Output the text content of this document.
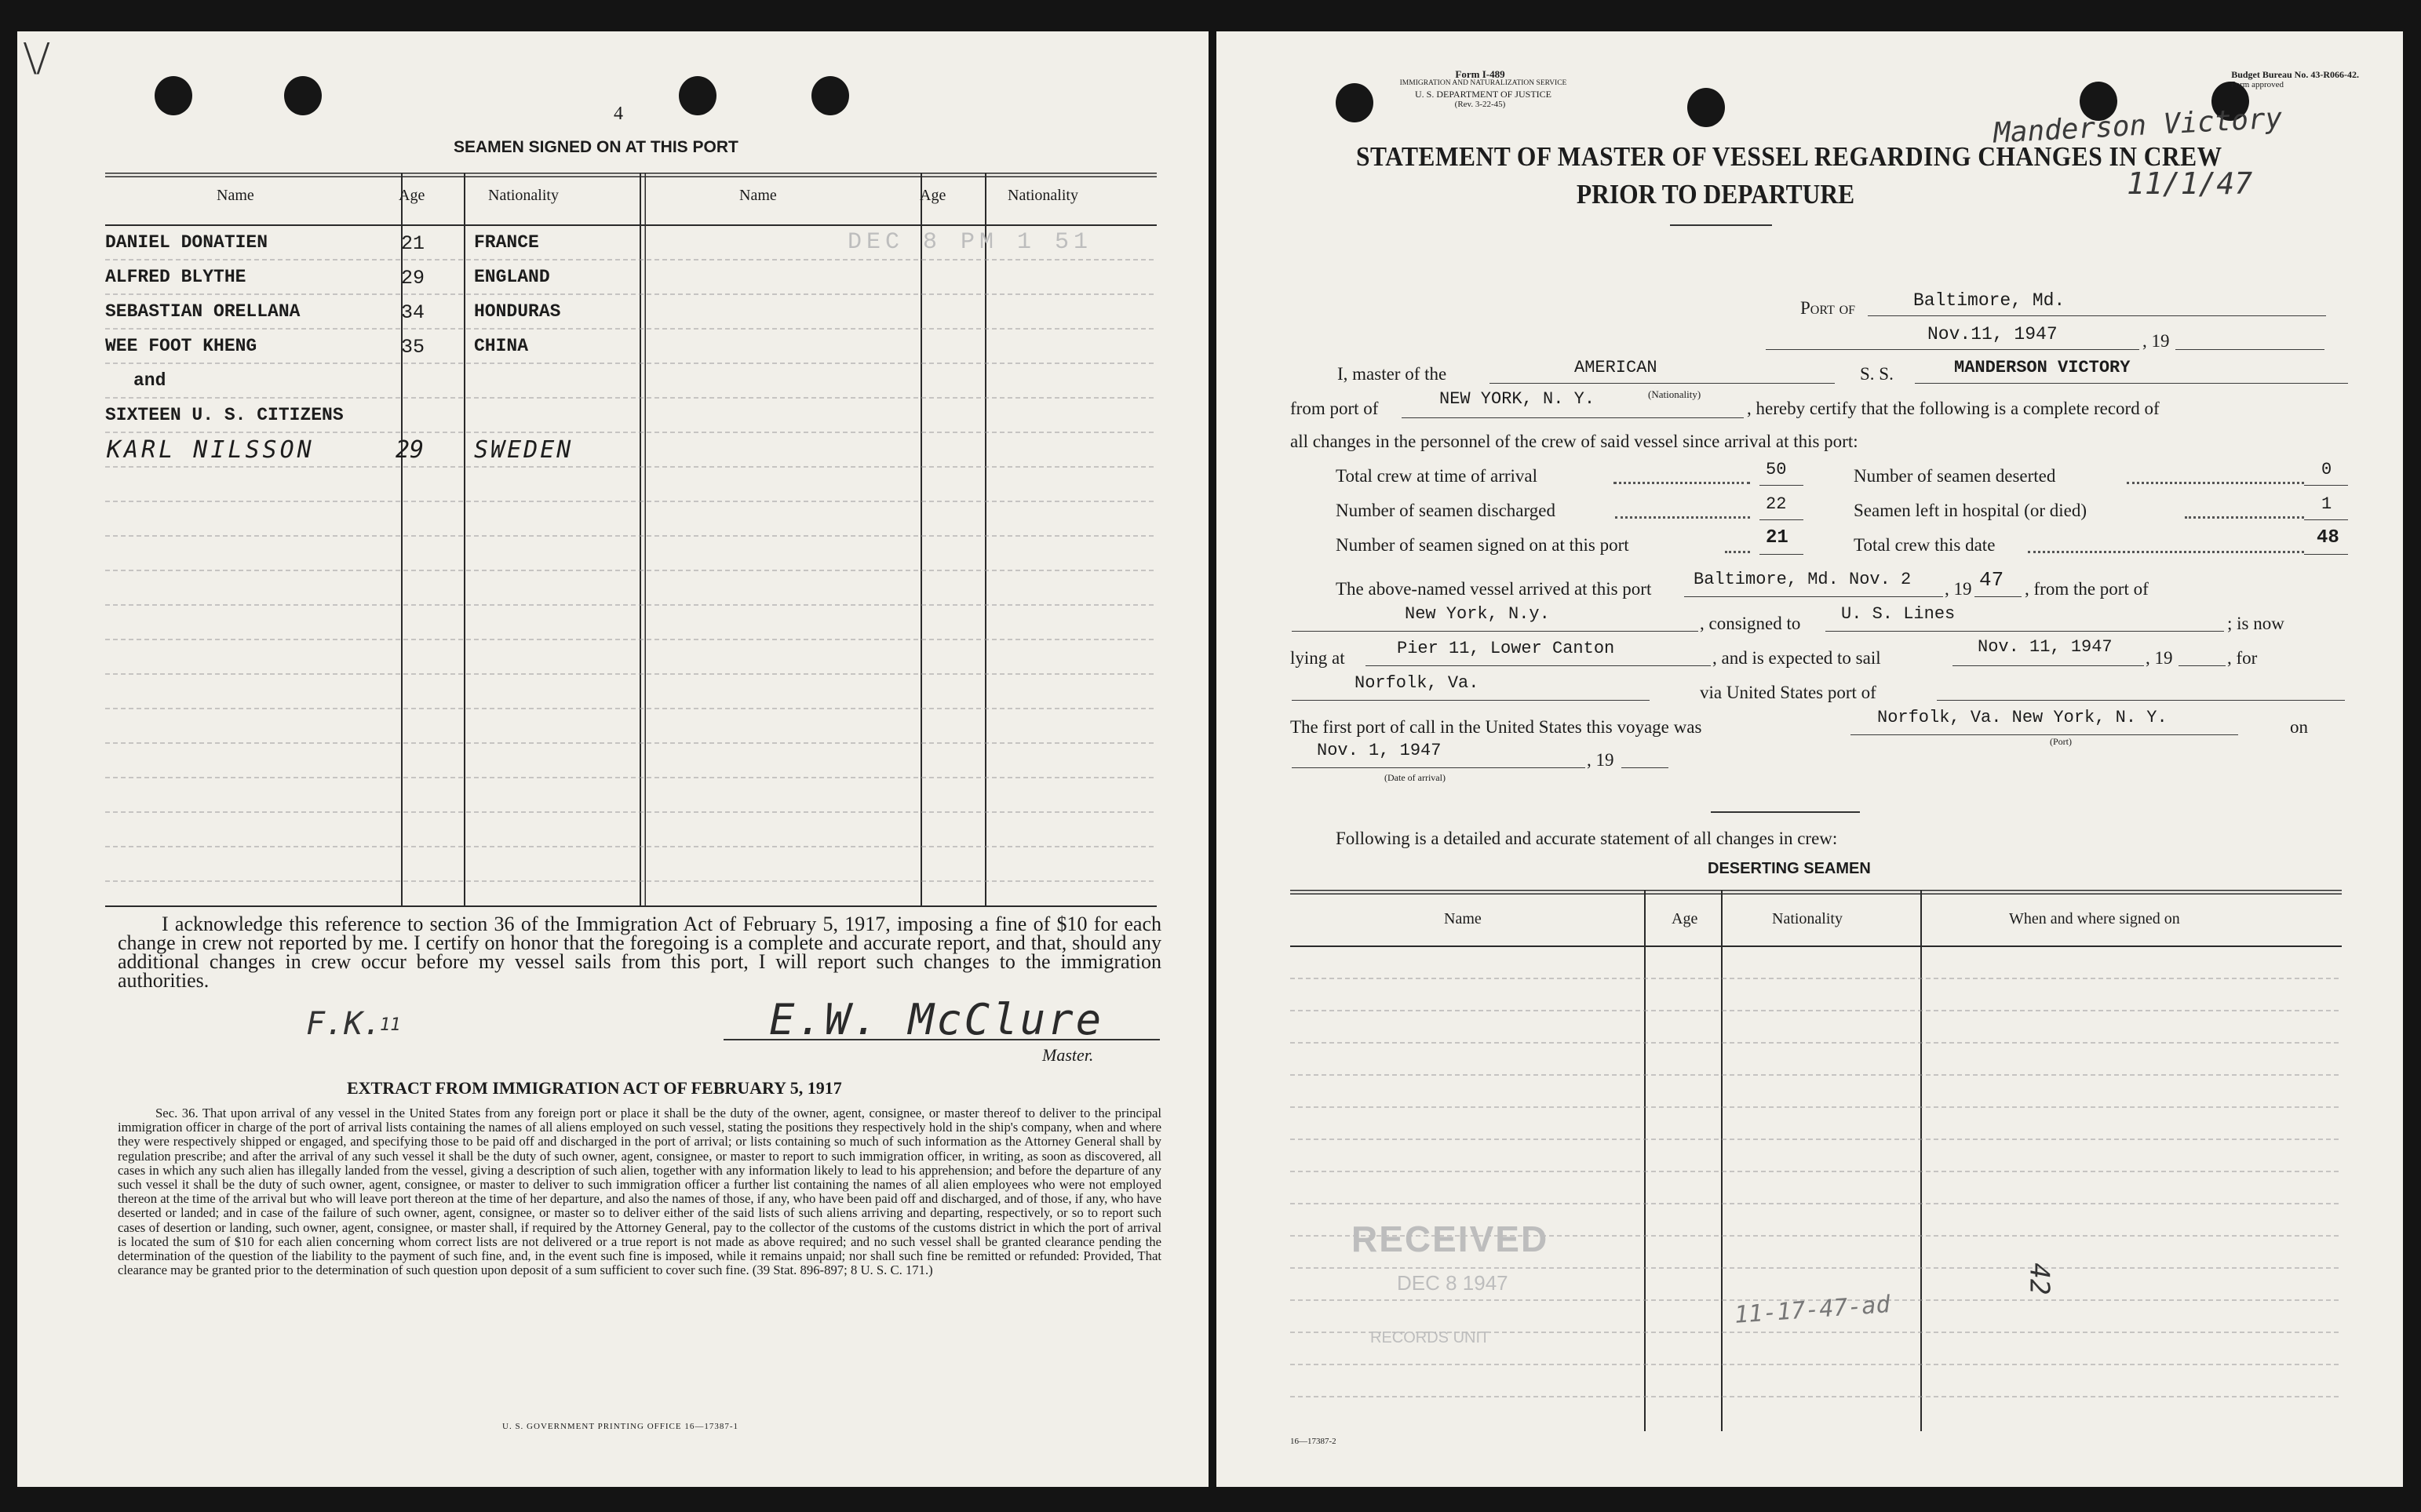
\/
4
SEAMEN SIGNED ON AT THIS PORT
Name	Age	Nationality	Name	Age	Nationality
DANIEL DONATIEN	21	FRANCE
ALFRED BLYTHE	29	ENGLAND
SEBASTIAN ORELLANA	34	HONDURAS
WEE FOOT KHENG	35	CHINA
and
SIXTEEN U. S. CITIZENS
KARL NILSSON	29 SWEDEN
DEC 8 PM 1 51
I acknowledge this reference to section 36 of the Immigration Act of February 5, 1917, imposing a fine of $10 for each change in crew not reported by me. I certify on honor that the foregoing is a complete and accurate report, and that, should any additional changes in crew occur before my vessel sails from this port, I will report such changes to the immigration authorities.
F.K.
11	E.W. McClure
Master.
EXTRACT FROM IMMIGRATION ACT OF FEBRUARY 5, 1917
Sec. 36. That upon arrival of any vessel in the United States from any foreign port or place it shall be the duty of the owner, agent, consignee, or master thereof to deliver to the principal immigration officer in charge of the port of arrival lists containing the names of all aliens employed on such vessel, stating the positions they respectively hold in the ship's company, when and where they were respectively shipped or engaged, and specifying those to be paid off and discharged in the port of arrival; or lists containing so much of such information as the Attorney General shall by regulation prescribe; and after the arrival of any such vessel it shall be the duty of such owner, agent, consignee, or master to report to such immigration officer, in writing, as soon as discovered, all cases in which any such alien has illegally landed from the vessel, giving a description of such alien, together with any information likely to lead to his apprehension; and before the departure of any such vessel it shall be the duty of such owner, agent, consignee, or master to deliver to such immigration officer a further list containing the names of all alien employees who were not employed thereon at the time of the arrival but who will leave port thereon at the time of her departure, and also the names of those, if any, who have been paid off and discharged, and of those, if any, who have deserted or landed; and in case of the failure of such owner, agent, consignee, or master so to deliver either of the said lists of such aliens arriving and departing, respectively, or so to report such cases of desertion or landing, such owner, agent, consignee, or master shall, if required by the Attorney General, pay to the collector of the customs of the customs district in which the port of arrival is located the sum of $10 for each alien concerning whom correct lists are not delivered or a true report is not made as above required; and no such vessel shall be granted clearance pending the determination of the question of the liability to the payment of such fine, and, in the event such fine is imposed, while it remains unpaid; nor shall such fine be remitted or refunded: Provided, That clearance may be granted prior to the determination of such question upon deposit of a sum sufficient to cover such fine. (39 Stat. 896-897; 8 U. S. C. 171.)
U. S. GOVERNMENT PRINTING OFFICE 16—17387-1
Form I-489
IMMIGRATION AND NATURALIZATION SERVICE
U. S. DEPARTMENT OF JUSTICE
(Rev. 3-22-45)
Budget Bureau No. 43-R066-42.
Form approved
Manderson Victory
11/1/47
STATEMENT OF MASTER OF VESSEL REGARDING CHANGES IN CREW
PRIOR TO DEPARTURE
Port of	Baltimore, Md.
Nov.11, 1947	, 19
I, master of the	AMERICAN	S. S.	MANDERSON VICTORY
from port of	NEW YORK, N. Y.	(Nationality)
, hereby certify that the following is a complete record of
all changes in the personnel of the crew of said vessel since arrival at this port:
Total crew at time of arrival	50	Number of seamen deserted	0
Number of seamen discharged	22	Seamen left in hospital (or died)	1
Number of seamen signed on at this port	21	Total crew this date	48
The above-named vessel arrived at this port Baltimore, Md. Nov. 2 , 19 47 , from the port of
New York, N.y.	, consigned to U. S. Lines	; is now
lying at	Pier 11, Lower Canton	, and is expected to sail
Nov. 11, 1947
, 19	, for
Norfolk, Va.	via United States port of
The first port of call in the United States this voyage was	Norfolk, Va. New York, N. Y.
(Port)
on
Nov. 1, 1947	, 19
(Date of arrival)
Following is a detailed and accurate statement of all changes in crew:
DESERTING SEAMEN
Name	Age	Nationality	When and where signed on
RECEIVED
DEC 8 1947
RECORDS UNIT
11-17-47-ad
42
16—17387-2
